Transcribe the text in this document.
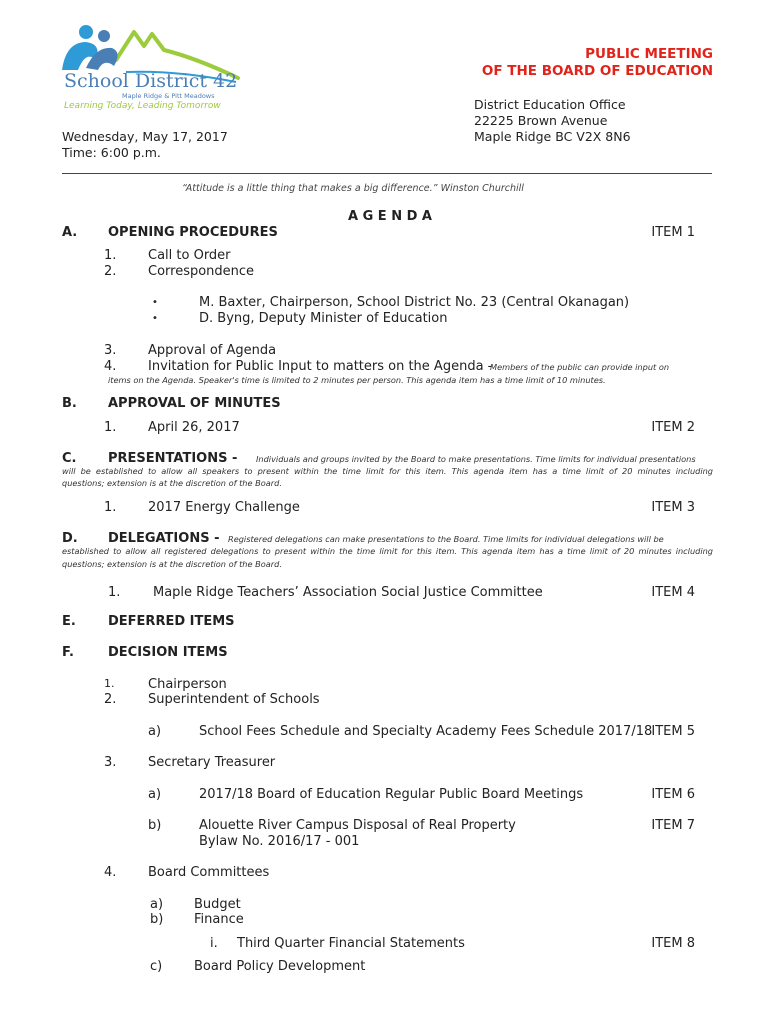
School District 42
Maple Ridge & Pitt Meadows
Learning Today, Leading Tomorrow
PUBLIC MEETING
OF THE BOARD OF EDUCATION
District Education Office
22225 Brown Avenue
Maple Ridge BC V2X 8N6
Wednesday, May 17, 2017
Time: 6:00 p.m.
“Attitude is a little thing that makes a big difference.” Winston Churchill
A G E N D A
A. OPENING PROCEDURES	ITEM 1
1. Call to Order
2. Correspondence
•	M. Baxter, Chairperson, School District No. 23 (Central Okanagan)
•	D. Byng, Deputy Minister of Education
3. Approval of Agenda
4. Invitation for Public Input to matters on the Agenda -
Members of the public can provide input on
items on the Agenda. Speaker's time is limited to 2 minutes per person. This agenda item has a time limit of 10 minutes.
B. APPROVAL OF MINUTES
1. April 26, 2017	ITEM 2
C. PRESENTATIONS - Individuals and groups invited by the Board to make presentations. Time limits for individual presentations
will be established to allow all speakers to present within the time limit for this item. This agenda item has a time limit of 20 minutes including
questions; extension is at the discretion of the Board.
1. 2017 Energy Challenge	ITEM 3
D. DELEGATIONS - Registered delegations can make presentations to the Board. Time limits for individual delegations will be
established to allow all registered delegations to present within the time limit for this item. This agenda item has a time limit of 20 minutes including
questions; extension is at the discretion of the Board.
1.	Maple Ridge Teachers’ Association Social Justice Committee	ITEM 4
E. DEFERRED ITEMS
F.	DECISION ITEMS
1.	Chairperson
2. Superintendent of Schools
a)	School Fees Schedule and Specialty Academy Fees Schedule 2017/18 ITEM 5
3. Secretary Treasurer
a)	2017/18 Board of Education Regular Public Board Meetings	ITEM 6
b)	Alouette River Campus Disposal of Real Property
Bylaw No. 2016/17 - 001
ITEM 7
4. Board Committees
a) Budget
b) Finance
i. Third Quarter Financial Statements	ITEM 8
c) Board Policy Development
